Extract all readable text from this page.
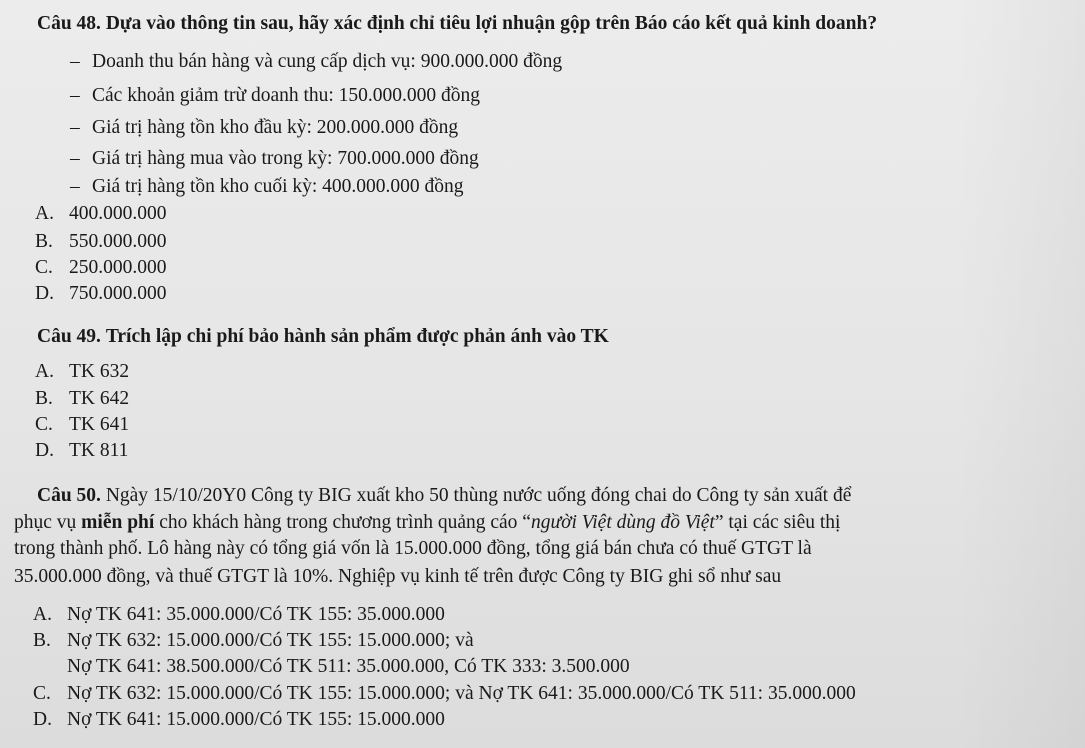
Câu 48. Dựa vào thông tin sau, hãy xác định chỉ tiêu lợi nhuận gộp trên Báo cáo kết quả kinh doanh?
– Doanh thu bán hàng và cung cấp dịch vụ: 900.000.000 đồng
– Các khoản giảm trừ doanh thu: 150.000.000 đồng
– Giá trị hàng tồn kho đầu kỳ: 200.000.000 đồng
– Giá trị hàng mua vào trong kỳ: 700.000.000 đồng
– Giá trị hàng tồn kho cuối kỳ: 400.000.000 đồng
A. 400.000.000
B. 550.000.000
C. 250.000.000
D. 750.000.000
Câu 49. Trích lập chi phí bảo hành sản phẩm được phản ánh vào TK
A. TK 632
B. TK 642
C. TK 641
D. TK 811
Câu 50. Ngày 15/10/20Y0 Công ty BIG xuất kho 50 thùng nước uống đóng chai do Công ty sản xuất để
phục vụ miễn phí cho khách hàng trong chương trình quảng cáo “người Việt dùng đồ Việt” tại các siêu thị
trong thành phố. Lô hàng này có tổng giá vốn là 15.000.000 đồng, tổng giá bán chưa có thuế GTGT là
35.000.000 đồng, và thuế GTGT là 10%. Nghiệp vụ kinh tế trên được Công ty BIG ghi sổ như sau
A. Nợ TK 641: 35.000.000/Có TK 155: 35.000.000
B. Nợ TK 632: 15.000.000/Có TK 155: 15.000.000; và
Nợ TK 641: 38.500.000/Có TK 511: 35.000.000, Có TK 333: 3.500.000
C. Nợ TK 632: 15.000.000/Có TK 155: 15.000.000; và Nợ TK 641: 35.000.000/Có TK 511: 35.000.000
D. Nợ TK 641: 15.000.000/Có TK 155: 15.000.000
